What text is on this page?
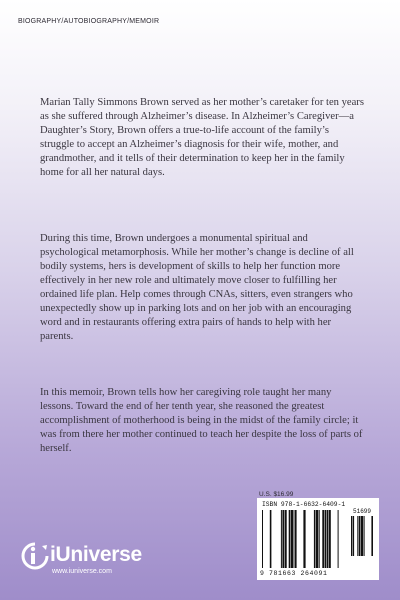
BIOGRAPHY/AUTOBIOGRAPHY/MEMOIR

Marian Tally Simmons Brown served as her mother’s caretaker for ten years as she suffered through Alzheimer’s disease. In Alzheimer’s Caregiver—a Daughter’s Story, Brown offers a true-to-life account of the family’s struggle to accept an Alzheimer’s diagnosis for their wife, mother, and grandmother, and it tells of their determination to keep her in the family home for all her natural days.

During this time, Brown undergoes a monumental spiritual and psychological metamorphosis. While her mother’s change is decline of all bodily systems, hers is development of skills to help her function more effectively in her new role and ultimately move closer to fulfilling her ordained life plan. Help comes through CNAs, sitters, even strangers who unexpectedly show up in parking lots and on her job with an encouraging word and in restaurants offering extra pairs of hands to help with her parents.

In this memoir, Brown tells how her caregiving role taught her many lessons. Toward the end of her tenth year, she reasoned the greatest accomplishment of motherhood is being in the midst of the family circle; it was from there her mother continued to teach her despite the loss of parts of herself.

U.S. $16.99
ISBN 978-1-6632-6409-1
51699
9 781663 264091
iUniverse
www.iuniverse.com
